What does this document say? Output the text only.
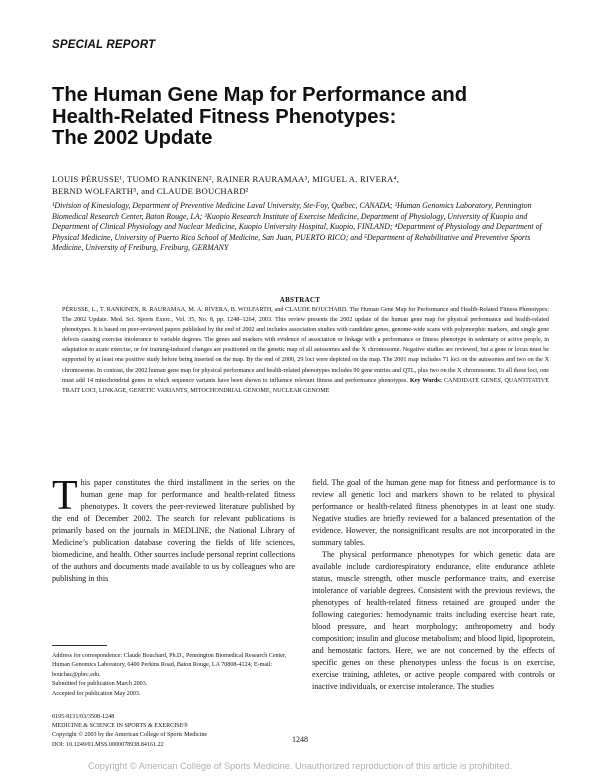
SPECIAL REPORT
The Human Gene Map for Performance and
Health-Related Fitness Phenotypes:
The 2002 Update
LOUIS PÉRUSSE¹, TUOMO RANKINEN², RAINER RAURAMAA³, MIGUEL A. RIVERA⁴,
BERND WOLFARTH⁵, and CLAUDE BOUCHARD²
¹Division of Kinesiology, Department of Preventive Medicine Laval University, Ste-Foy, Québec, CANADA; ²Human Genomics Laboratory, Pennington Biomedical Research Center, Baton Rouge, LA; ³Kuopio Research Institute of Exercise Medicine, Department of Physiology, University of Kuopio and Department of Clinical Physiology and Nuclear Medicine, Kuopio University Hospital, Kuopio, FINLAND; ⁴Department of Physiology and Department of Physical Medicine, University of Puerto Rico School of Medicine, San Juan, PUERTO RICO; and ⁵Department of Rehabilitative and Preventive Sports Medicine, University of Freiburg, Freiburg, GERMANY
ABSTRACT
PÉRUSSE, L., T. RANKINEN, R. RAURAMAA, M. A. RIVERA, B. WOLFARTH, and CLAUDE BOUCHARD. The Human Gene Map for Performance and Health-Related Fitness Phenotypes: The 2002 Update. Med. Sci. Sports Exerc., Vol. 35, No. 8, pp. 1248–1264, 2003. This review presents the 2002 update of the human gene map for physical performance and health-related phenotypes. It is based on peer-reviewed papers published by the end of 2002 and includes association studies with candidate genes, genome-wide scans with polymorphic markers, and single gene defects causing exercise intolerance to variable degrees. The genes and markers with evidence of association or linkage with a performance or fitness phenotype in sedentary or active people, in adaptation to acute exercise, or for training-induced changes are positioned on the genetic map of all autosomes and the X chromosome. Negative studies are reviewed, but a gene or locus must be supported by at least one positive study before being inserted on the map. By the end of 2000, 29 loci were depicted on the map. The 2001 map includes 71 loci on the autosomes and two on the X chromosome. In contrast, the 2002 human gene map for physical performance and health-related phenotypes includes 90 gene entries and QTL, plus two on the X chromosome. To all these loci, one must add 14 mitochondrial genes in which sequence variants have been shown to influence relevant fitness and performance phenotypes. Key Words: CANDIDATE GENES, QUANTITATIVE TRAIT LOCI, LINKAGE, GENETIC VARIANTS, MITOCHONDRIAL GENOME, NUCLEAR GENOME
T his paper constitutes the third installment in the series on the human gene map for performance and health-related fitness phenotypes. It covers the peer-reviewed literature published by the end of December 2002. The search for relevant publications is primarily based on the journals in MEDLINE, the National Library of Medicine’s publication database covering the fields of life sciences, biomedicine, and health. Other sources include personal reprint collections of the authors and documents made available to us by colleagues who are publishing in this

field. The goal of the human gene map for fitness and performance is to review all genetic loci and markers shown to be related to physical performance or health-related fitness phenotypes in at least one study. Negative studies are briefly reviewed for a balanced presentation of the evidence. However, the nonsignificant results are not incorporated in the summary tables.

The physical performance phenotypes for which genetic data are available include cardiorespiratory endurance, elite endurance athlete status, muscle strength, other muscle performance traits, and exercise intolerance of variable degrees. Consistent with the previous reviews, the phenotypes of health-related fitness retained are grouped under the following categories: hemodynamic traits including exercise heart rate, blood pressure, and heart morphology; anthropometry and body composition; insulin and glucose metabolism; and blood lipid, lipoprotein, and hemostatic factors. Here, we are not concerned by the effects of specific genes on these phenotypes unless the focus is on exercise, exercise training, athletes, or active people compared with controls or inactive individuals, or exercise intolerance. The studies

Address for correspondence: Claude Bouchard, Ph.D., Pennington Biomedical Research Center, Human Genomics Laboratory, 6400 Perkins Road, Baton Rouge, LA 70808-4124; E-mail: bouchac@pbrc.edu.
Submitted for publication March 2003.
Accepted for publication May 2003.
0195-9131/03/3508-1248
MEDICINE & SCIENCE IN SPORTS & EXERCISE®
Copyright © 2003 by the American College of Sports Medicine
DOI: 10.1249/01.MSS.0000078938.84161.22
1248
Copyright © American College of Sports Medicine. Unauthorized reproduction of this article is prohibited.
